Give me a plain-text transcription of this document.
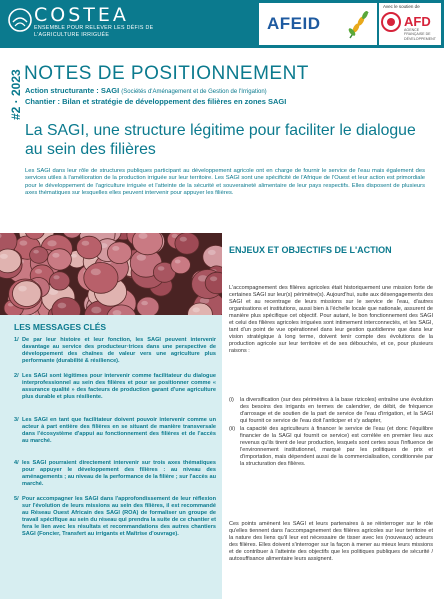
COSTEA
ENSEMBLE POUR RELEVER LES DÉFIS DE L'AGRICULTURE IRRIGUÉE
AFEID
Avec le soutien de
AFD
AGENCE FRANÇAISE DE DÉVELOPPEMENT
#2 · 2023 NOTES DE POSITIONNEMENT
Action structurante : SAGI (Sociétés d'Aménagement et de Gestion de l'Irrigation)
Chantier : Bilan et stratégie de développement des filières en zones SAGI
La SAGI, une structure légitime pour faciliter le dialogue au sein des filières
Les SAGI dans leur rôle de structures publiques participant au développement agricole ont en charge de fournir le service de l'eau mais également des services utiles à l'amélioration de la production irriguée sur leur territoire. Les SAGI sont une spécificité de l'Afrique de l'Ouest et leur action est primordiale pour le développement de l'agriculture irriguée et l'atteinte de la sécurité et souveraineté alimentaire de leur pays respectifs. Elles disposent de plusieurs axes thématiques sur lesquelles elles peuvent intervenir pour appuyer les filières.
LES MESSAGES CLÉS
1/ De par leur histoire et leur fonction, les SAGI peuvent intervenir davantage au service des producteur·trices dans une perspective de développement des chaînes de valeur vers une agriculture plus performante (durabilité & résilience).
2/ Les SAGI sont légitimes pour intervenir comme facilitateur du dialogue interprofessionnel au sein des filières et pour se positionner comme « assurance qualité » des facteurs de production garant d'une agriculture plus durable et plus résiliente.
3/ Les SAGI en tant que facilitateur doivent pouvoir intervenir comme un acteur à part entière des filières en se situant de manière transversale dans l'écosystème d'appui au fonctionnement des filières et de l'accès au marché.
4/ les SAGI pourraient directement intervenir sur trois axes thématiques pour appuyer le développement des filières : au niveau des aménagements ; au niveau de la performance de la filière ; sur l'accès au marché.
5/ Pour accompagner les SAGI dans l'approfondissement de leur réflexion sur l'évolution de leurs missions au sein des filières, il est recommandé au Réseau Ouest Africain des SAGI (ROA) de formaliser un groupe de travail spécifique au sein du réseau qui prendra la suite de ce chantier et fera le lien avec les résultats et recommandations des autres chantiers SAGI (Foncier, Transfert au irrigants et Maîtrise d'ouvrage).
ENJEUX ET OBJECTIFS DE L'ACTION
L'accompagnement des filières agricoles était historiquement une mission forte de certaines SAGI sur leur(s) périmètre(s). Aujourd'hui, suite aux désengagements des SAGI et au recentrage de leurs missions sur le service de l'eau, d'autres organisations et institutions, aussi bien à l'échelle locale que nationale, assurent de manière plus spécifique cet objectif. Pour autant, le bon fonctionnement des SAGI et celui des filières agricoles irriguées sont intimement interconnectés, et les SAGI, tant d'un point de vue opérationnel dans leur gestion quotidienne que dans leur vision stratégique à long terme, doivent tenir compte des évolutions de la production agricole sur leur territoire et de ses débouchés, et ce, pour plusieurs raisons :
(i) la diversification (sur des périmètres à la base rizicoles) entraîne une évolution des besoins des irrigants en termes de calendrier, de débit, de fréquence d'arrosage et de soutien de la part de service de l'eau d'irrigation, et la SAGI qui fournit ce service de l'eau doit l'anticiper et s'y adapter,
(ii) la capacité des agriculteurs à financer le service de l'eau (et donc l'équilibre financier de la SAGI qui fournit ce service) est corrélée en premier lieu aux revenus qu'ils tirent de leur production, lesquels sont certes sous l'influence de l'environnement institutionnel, marqué par les politiques de prix et d'importation, mais dépendent aussi de la commercialisation, conditionnée par la structuration des filières.
Ces points amènent les SAGI et leurs partenaires à se réinterroger sur le rôle qu'elles tiennent dans l'accompagnement des filières agricoles sur leur territoire et la nature des liens qu'il leur est nécessaire de tisser avec les (nouveaux) acteurs des filières. Elles doivent s'interroger sur la façon à mener au mieux leurs missions et de contribuer à l'atteinte des objectifs que les politiques publiques de sécurité / autosuffisance alimentaire leurs assignent.
